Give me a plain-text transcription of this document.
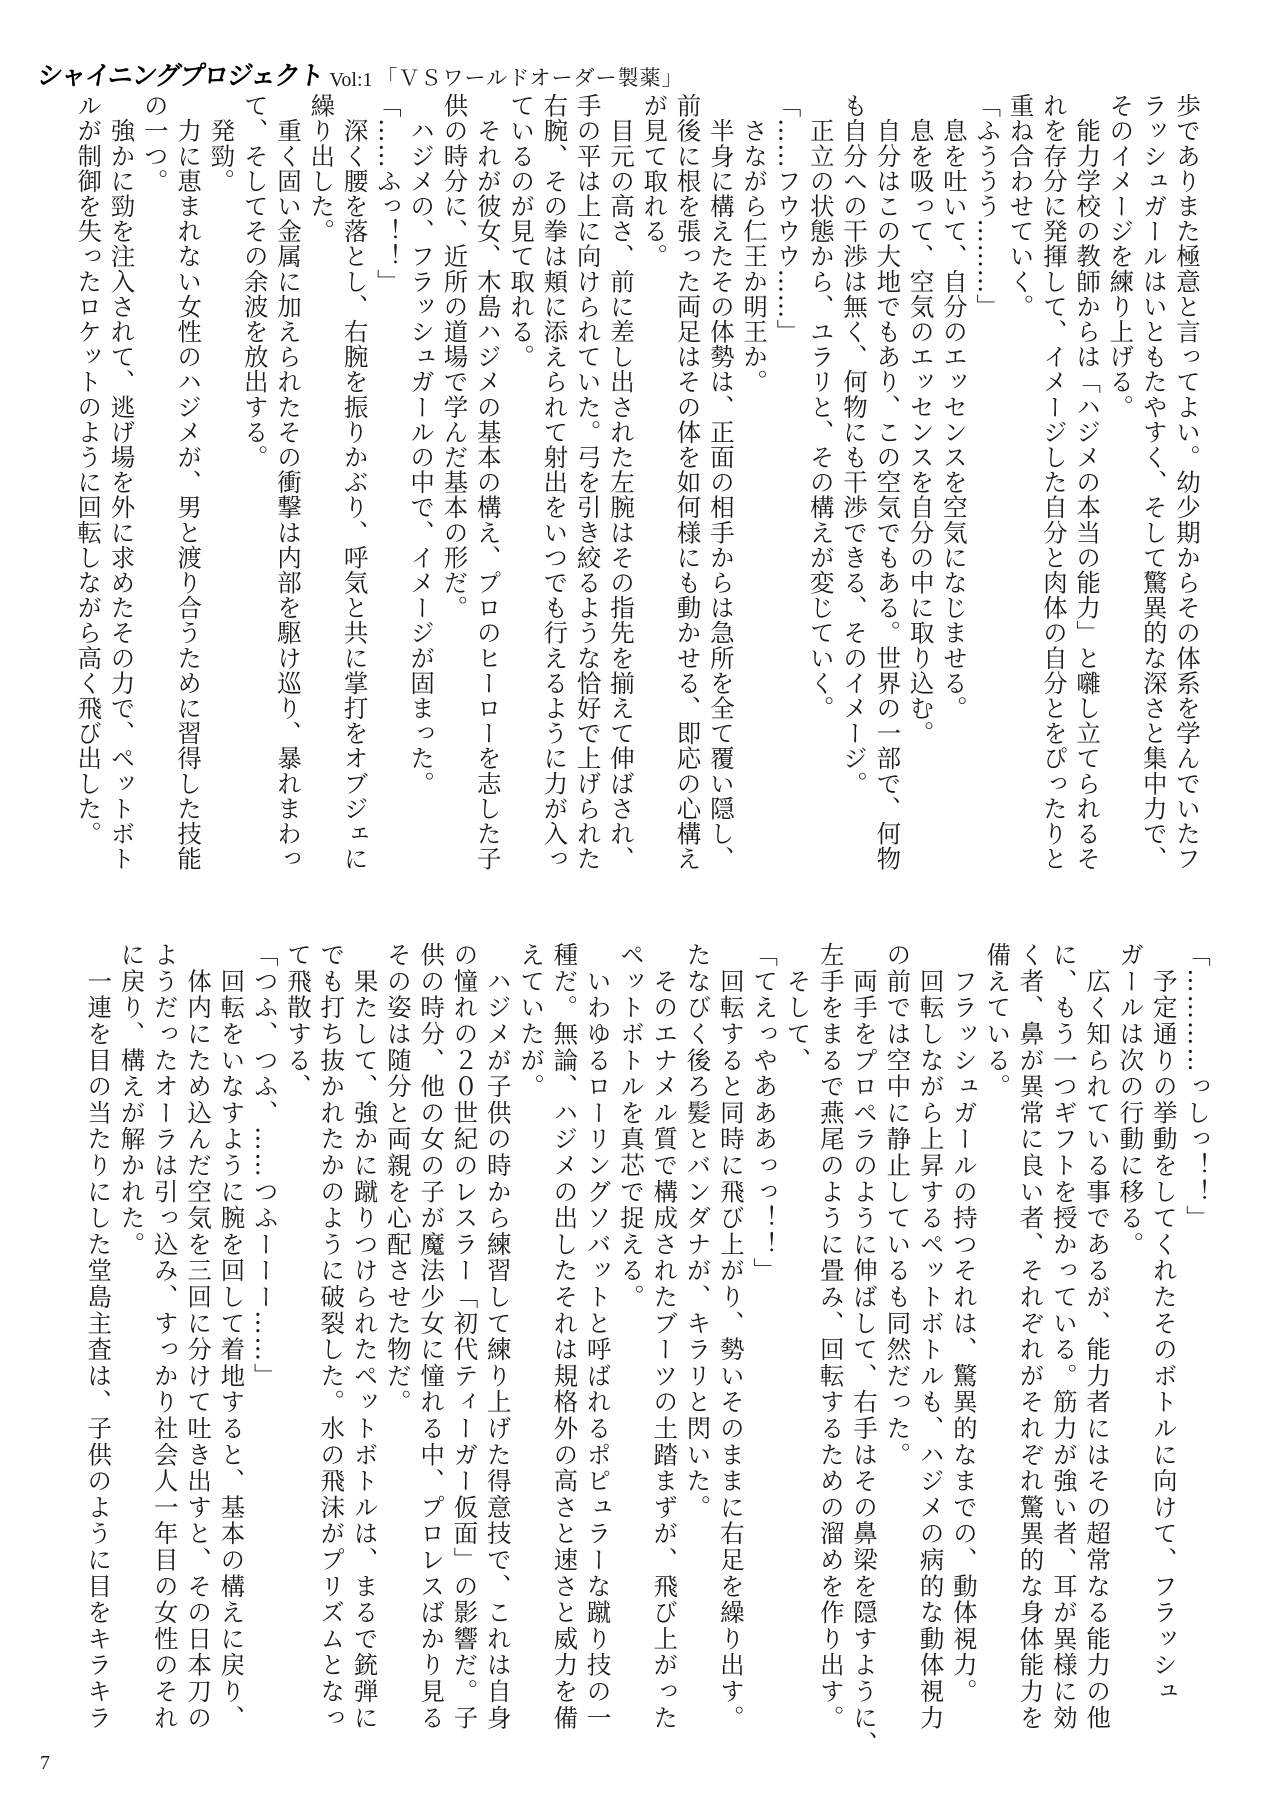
シャイニングプロジェクト Vol:1 「ＶＳワールドオーダー製薬」
歩でありまた極意と言ってよい。幼少期からその体系を学んでいたフ
ラッシュガールはいともたやすく、そして驚異的な深さと集中力で、
そのイメージを練り上げる。
　能力学校の教師からは「ハジメの本当の能力」と囃し立てられるそ
れを存分に発揮して、イメージした自分と肉体の自分とをぴったりと
重ね合わせていく。
「ふううう………」
　息を吐いて、自分のエッセンスを空気になじませる。
　息を吸って、空気のエッセンスを自分の中に取り込む。
　自分はこの大地でもあり、この空気でもある。世界の一部で、何物
も自分への干渉は無く、何物にも干渉できる、そのイメージ。
　正立の状態から、ユラリと、その構えが変じていく。
「……フウウウ……」
　さながら仁王か明王か。
　半身に構えたその体勢は、正面の相手からは急所を全て覆い隠し、
前後に根を張った両足はその体を如何様にも動かせる、即応の心構え
が見て取れる。
　目元の高さ、前に差し出された左腕はその指先を揃えて伸ばされ、
手の平は上に向けられていた。弓を引き絞るような恰好で上げられた
右腕、その拳は頬に添えられて射出をいつでも行えるように力が入っ
ているのが見て取れる。
　それが彼女、木島ハジメの基本の構え、プロのヒーローを志した子
供の時分に、近所の道場で学んだ基本の形だ。
　ハジメの、フラッシュガールの中で、イメージが固まった。
「……ふっ！！」
　深く腰を落とし、右腕を振りかぶり、呼気と共に掌打をオブジェに
繰り出した。
　重く固い金属に加えられたその衝撃は内部を駆け巡り、暴れまわっ
て、そしてその余波を放出する。
　発勁。
　力に恵まれない女性のハジメが、男と渡り合うために習得した技能
の一つ。
　強かに勁を注入されて、逃げ場を外に求めたその力で、ペットボト
ルが制御を失ったロケットのように回転しながら高く飛び出した。
「…………っしっ！！」
　予定通りの挙動をしてくれたそのボトルに向けて、フラッシュ
ガールは次の行動に移る。
　広く知られている事であるが、能力者にはその超常なる能力の他
に、もう一つギフトを授かっている。筋力が強い者、耳が異様に効
く者、鼻が異常に良い者、それぞれがそれぞれ驚異的な身体能力を
備えている。
　フラッシュガールの持つそれは、驚異的なまでの、動体視力。
　回転しながら上昇するペットボトルも、ハジメの病的な動体視力
の前では空中に静止しているも同然だった。
　両手をプロペラのように伸ばして、右手はその鼻梁を隠すように、
左手をまるで燕尾のように畳み、回転するための溜めを作り出す。
　そして、
「てえっやあああっっ！！」
　回転すると同時に飛び上がり、勢いそのままに右足を繰り出す。
たなびく後ろ髪とバンダナが、キラリと閃いた。
　そのエナメル質で構成されたブーツの土踏まずが、飛び上がった
ペットボトルを真芯で捉える。
　いわゆるローリングソバットと呼ばれるポピュラーな蹴り技の一
種だ。無論、ハジメの出したそれは規格外の高さと速さと威力を備
えていたが。
　ハジメが子供の時から練習して練り上げた得意技で、これは自身
の憧れの２０世紀のレスラー「初代ティーガー仮面」の影響だ。子
供の時分、他の女の子が魔法少女に憧れる中、プロレスばかり見る
その姿は随分と両親を心配させた物だ。
　果たして、強かに蹴りつけられたペットボトルは、まるで銃弾に
でも打ち抜かれたかのように破裂した。水の飛沫がプリズムとなっ
て飛散する、
「つふ、つふ、……つふーーー……」
　回転をいなすように腕を回して着地すると、基本の構えに戻り、
　体内にため込んだ空気を三回に分けて吐き出すと、その日本刀の
ようだったオーラは引っ込み、すっかり社会人一年目の女性のそれ
に戻り、構えが解かれた。
　一連を目の当たりにした堂島主査は、子供のように目をキラキラ
7
